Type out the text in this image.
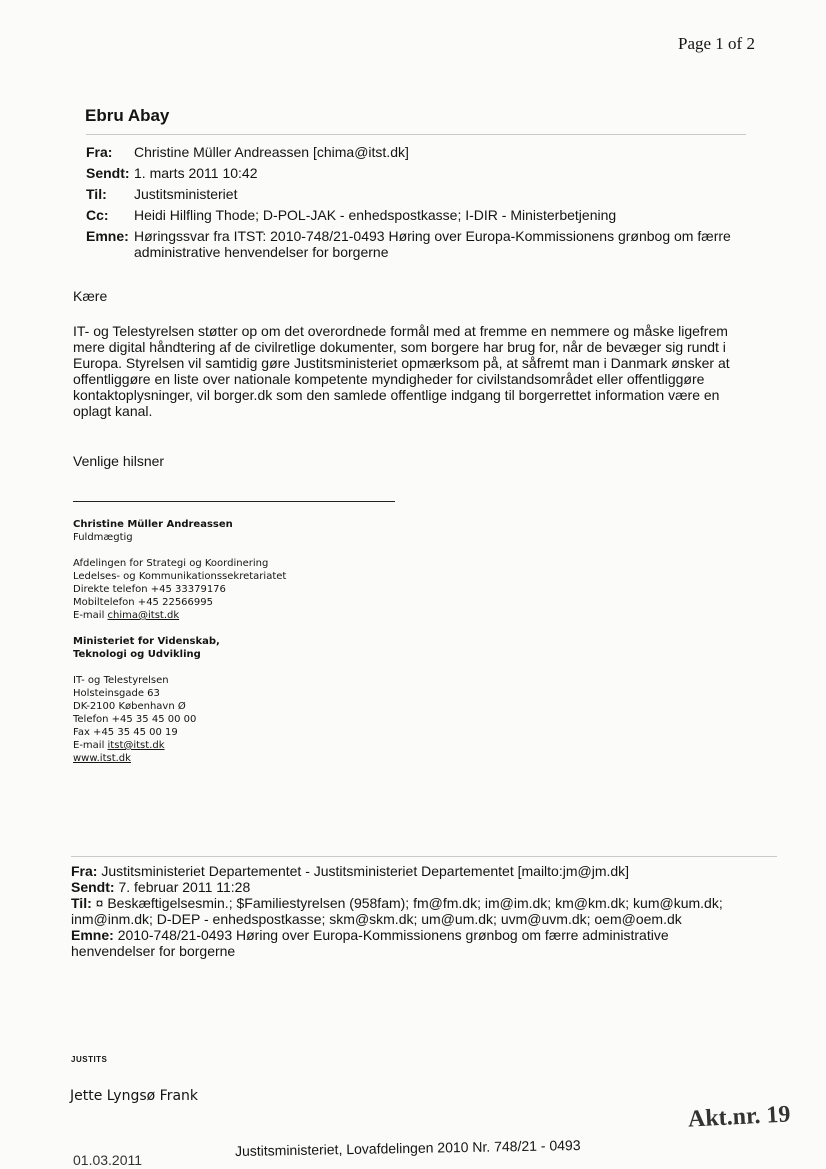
Page 1 of 2
Ebru Abay
Fra:	Christine Müller Andreassen [chima@itst.dk]
Sendt: 1. marts 2011 10:42
Til:	Justitsministeriet
Cc:	Heidi Hilfling Thode; D-POL-JAK - enhedspostkasse; I-DIR - Ministerbetjening
Emne: Høringssvar fra ITST: 2010-748/21-0493 Høring over Europa-Kommissionens grønbog om færre administrative henvendelser for borgerne
Kære
IT- og Telestyrelsen støtter op om det overordnede formål med at fremme en nemmere og måske ligefrem mere digital håndtering af de civilretlige dokumenter, som borgere har brug for, når de bevæger sig rundt i Europa. Styrelsen vil samtidig gøre Justitsministeriet opmærksom på, at såfremt man i Danmark ønsker at offentliggøre en liste over nationale kompetente myndigheder for civilstandsområdet eller offentliggøre kontaktoplysninger, vil borger.dk som den samlede offentlige indgang til borgerrettet information være en oplagt kanal.
Venlige hilsner
Christine Müller Andreassen
Fuldmægtig
Afdelingen for Strategi og Koordinering
Ledelses- og Kommunikationssekretariatet
Direkte telefon +45 33379176
Mobiltelefon +45 22566995
E-mail chima@itst.dk
Ministeriet for Videnskab,
Teknologi og Udvikling
IT- og Telestyrelsen
Holsteinsgade 63
DK-2100 København Ø
Telefon +45 35 45 00 00
Fax +45 35 45 00 19
E-mail itst@itst.dk
www.itst.dk
Fra: Justitsministeriet Departementet - Justitsministeriet Departementet [mailto:jm@jm.dk]
Sendt: 7. februar 2011 11:28
Til: ¤ Beskæftigelsesmin.; $Familiestyrelsen (958fam); fm@fm.dk; im@im.dk; km@km.dk; kum@kum.dk; inm@inm.dk; D-DEP - enhedspostkasse; skm@skm.dk; um@um.dk; uvm@uvm.dk; oem@oem.dk
Emne: 2010-748/21-0493 Høring over Europa-Kommissionens grønbog om færre administrative henvendelser for borgerne
JUSTITS
Jette Lyngsø Frank
Akt.nr. 19
Justitsministeriet, Lovafdelingen 2010 Nr. 748/21 - 0493
01.03.2011
